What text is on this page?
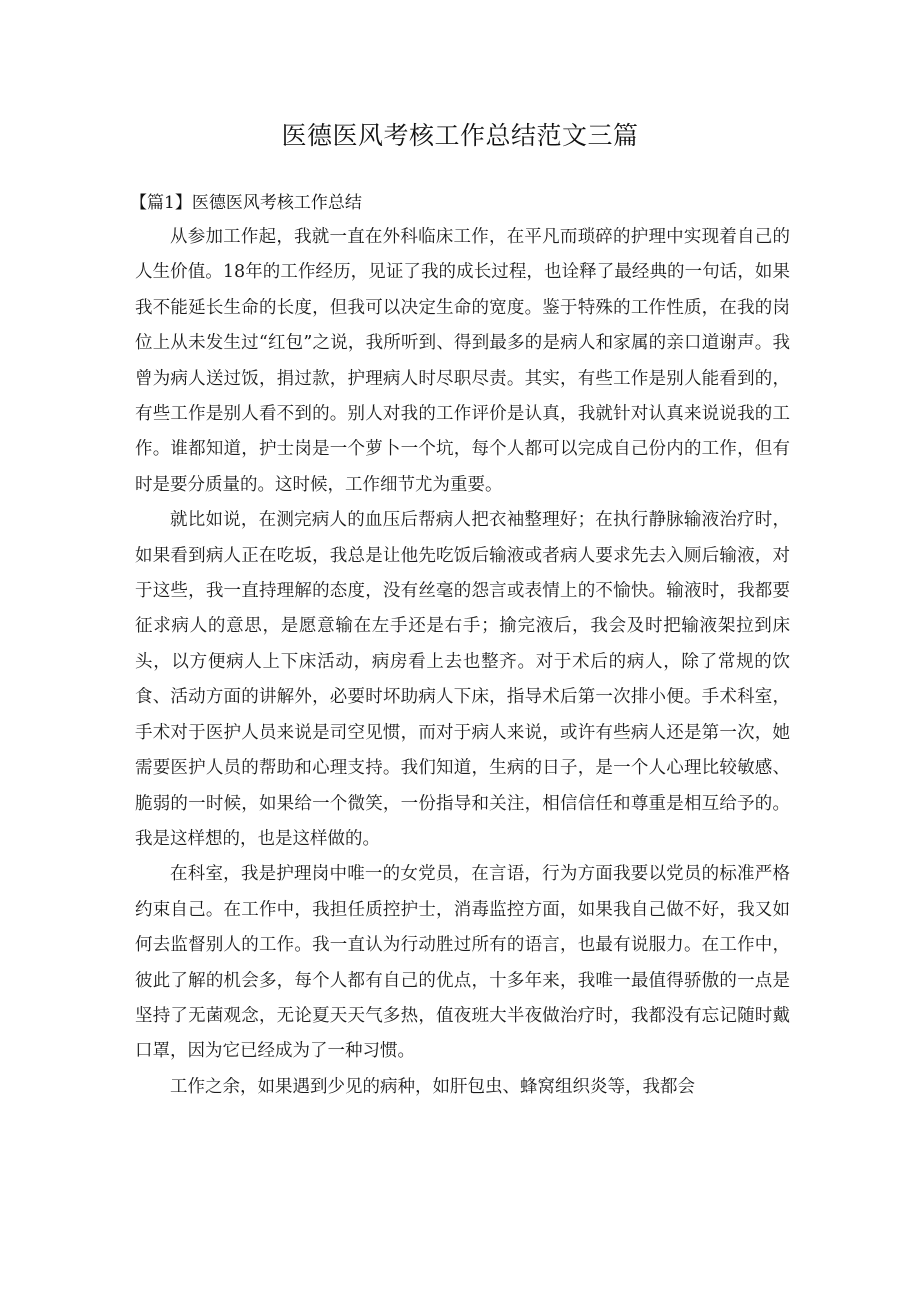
医德医风考核工作总结范文三篇
【篇1】医德医风考核工作总结

从参加工作起，我就一直在外科临床工作，在平凡而琐碎的护理中实现着自己的人生价值。18年的工作经历，见证了我的成长过程，也诠释了最经典的一句话，如果我不能延长生命的长度，但我可以决定生命的宽度。鉴于特殊的工作性质，在我的岗位上从未发生过“红包”之说，我所听到、得到最多的是病人和家属的亲口道谢声。我曾为病人送过饭，捐过款，护理病人时尽职尽责。其实，有些工作是别人能看到的，有些工作是别人看不到的。别人对我的工作评价是认真，我就针对认真来说说我的工作。谁都知道，护士岗是一个萝卜一个坑，每个人都可以完成自己份内的工作，但有时是要分质量的。这时候，工作细节尤为重要。

就比如说，在测完病人的血压后帮病人把衣袖整理好；在执行静脉输液治疗时，如果看到病人正在吃坂，我总是让他先吃饭后输液或者病人要求先去入厕后输液，对于这些，我一直持理解的态度，没有丝毫的怨言或表情上的不愉快。输液时，我都要征求病人的意思，是愿意输在左手还是右手；揄完液后，我会及时把输液架拉到床头，以方便病人上下床活动，病房看上去也整齐。对于术后的病人，除了常规的饮食、活动方面的讲解外，必要时坏助病人下床，指导术后第一次排小便。手术科室，手术对于医护人员来说是司空见惯，而对于病人来说，或许有些病人还是第一次，她需要医护人员的帮助和心理支持。我们知道，生病的日子，是一个人心理比较敏感、脆弱的一时候，如果给一个微笑，一份指导和关注，相信信任和尊重是相互给予的。我是这样想的，也是这样做的。

在科室，我是护理岗中唯一的女党员，在言语，行为方面我要以党员的标准严格约束自己。在工作中，我担任质控护士，消毒监控方面，如果我自己做不好，我又如何去监督别人的工作。我一直认为行动胜过所有的语言，也最有说服力。在工作中，彼此了解的机会多，每个人都有自己的优点，十多年来，我唯一最值得骄傲的一点是坚持了无菌观念，无论夏天天气多热，值夜班大半夜做治疗时，我都没有忘记随时戴口罩，因为它已经成为了一种习惯。

工作之余，如果遇到少见的病种，如肝包虫、蜂窝组织炎等，我都会
